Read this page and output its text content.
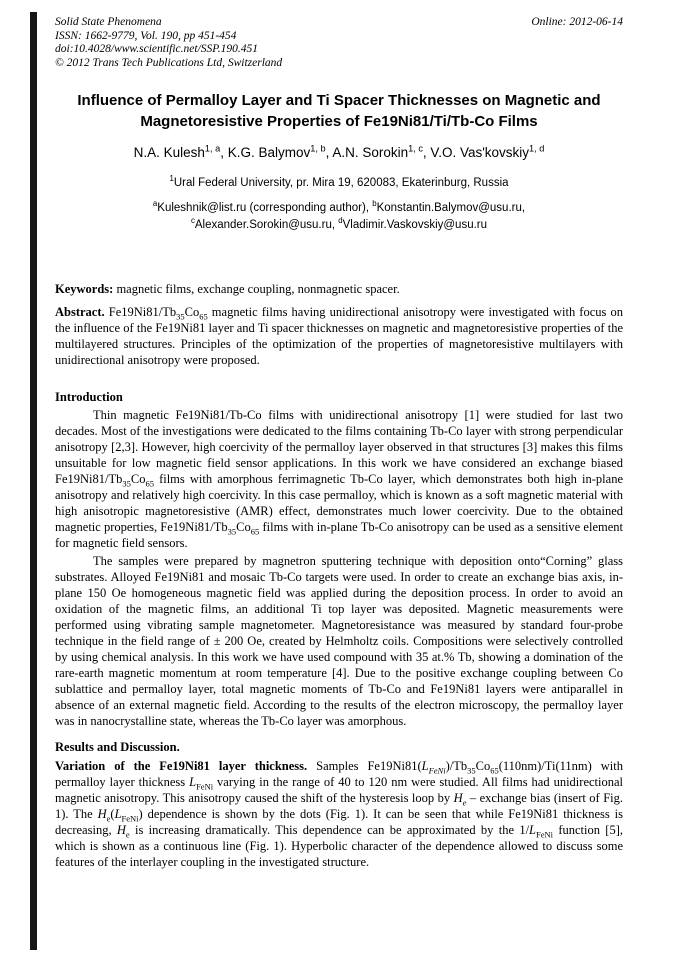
Solid State Phenomena	Online: 2012-06-14
ISSN: 1662-9779, Vol. 190, pp 451-454
doi:10.4028/www.scientific.net/SSP.190.451
© 2012 Trans Tech Publications Ltd, Switzerland
Influence of Permalloy Layer and Ti Spacer Thicknesses on Magnetic and Magnetoresistive Properties of Fe19Ni81/Ti/Tb-Co Films
N.A. Kulesh$^{1, a}$, K.G. Balymov$^{1, b}$, A.N. Sorokin$^{1, c}$, V.O. Vas'kovskiy$^{1, d}$
$^1$Ural Federal University, pr. Mira 19, 620083, Ekaterinburg, Russia
$^a$Kuleshnik@list.ru (corresponding author), $^b$Konstantin.Balymov@usu.ru,
$^c$Alexander.Sorokin@usu.ru, $^d$Vladimir.Vaskovskiy@usu.ru
Keywords: magnetic films, exchange coupling, nonmagnetic spacer.

Abstract. $Fe19Ni81/Tb_{35}Co_{65}$ magnetic films having unidirectional anisotropy were investigated with focus on the influence of the Fe19Ni81 layer and Ti spacer thicknesses on magnetic and magnetoresistive properties of the multilayered structures. Principles of the optimization of the properties of magnetoresistive multilayers with unidirectional anisotropy were proposed.

Introduction

Thin magnetic Fe19Ni81/Tb-Co films with unidirectional anisotropy [1] were studied for last two decades. Most of the investigations were dedicated to the films containing Tb-Co layer with strong perpendicular anisotropy [2,3]. However, high coercivity of the permalloy layer observed in that structures [3] makes this films unsuitable for low magnetic field sensor applications. In this work we have considered an exchange biased $Fe19Ni81/Tb_{35}Co_{65}$ films with amorphous ferrimagnetic Tb-Co layer, which demonstrates both high in-plane anisotropy and relatively high coercivity. In this case permalloy, which is known as a soft magnetic material with high anisotropic magnetoresistive (AMR) effect, demonstrates much lower coercivity. Due to the obtained magnetic properties, $Fe19Ni81/Tb_{35}Co_{65}$ films with in-plane Tb-Co anisotropy can be used as a sensitive element for magnetic field sensors.

The samples were prepared by magnetron sputtering technique with deposition onto“Corning” glass substrates. Alloyed Fe19Ni81 and mosaic Tb-Co targets were used. In order to create an exchange bias axis, in-plane 150 Oe homogeneous magnetic field was applied during the deposition process. In order to avoid an oxidation of the magnetic films, an additional Ti top layer was deposited. Magnetic measurements were performed using vibrating sample magnetometer. Magnetoresistance was measured by standard four-probe technique in the field range of ± 200 Oe, created by Helmholtz coils. Compositions were selectively controlled by using chemical analysis. In this work we have used compound with 35 at.% Tb, showing a domination of the rare-earth magnetic momentum at room temperature [4]. Due to the positive exchange coupling between Co sublattice and permalloy layer, total magnetic moments of Tb-Co and Fe19Ni81 layers were antiparallel in absence of an external magnetic field. According to the results of the electron microscopy, the permalloy layer was in nanocrystalline state, whereas the Tb-Co layer was amorphous.

Results and Discussion.

Variation of the Fe19Ni81 layer thickness. Samples $Fe19Ni81(L_{FeNi})/Tb_{35}Co_{65}(110nm)/Ti(11nm)$ with permalloy layer thickness $L_{FeNi}$ varying in the range of 40 to 120 nm were studied. All films had unidirectional magnetic anisotropy. This anisotropy caused the shift of the hysteresis loop by $H_e$ – exchange bias (insert of Fig. 1). The $H_e(L_{FeNi})$ dependence is shown by the dots (Fig. 1). It can be seen that while Fe19Ni81 thickness is decreasing, $H_e$ is increasing dramatically. This dependence can be approximated by the $1/L_{FeNi}$ function [5], which is shown as a continuous line (Fig. 1). Hyperbolic character of the dependence allowed to discuss some features of the interlayer coupling in the investigated structure.
